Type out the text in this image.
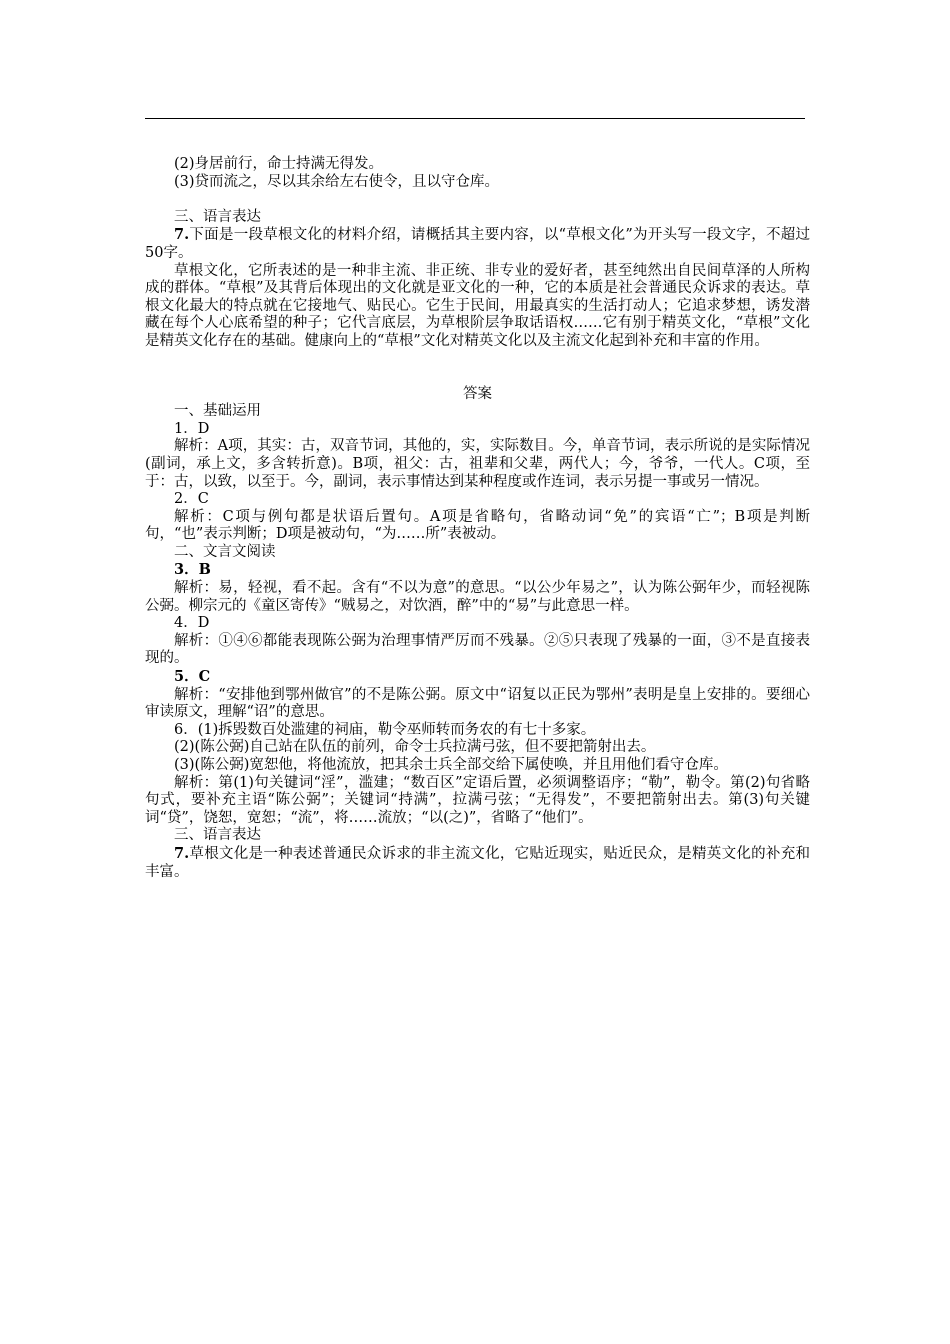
(2)身居前行，命士持满无得发。

(3)贷而流之，尽以其余给左右使令，且以守仓库。

三、语言表达

7.下面是一段草根文化的材料介绍，请概括其主要内容，以“草根文化”为开头写一段文字，不超过50字。

草根文化，它所表述的是一种非主流、非正统、非专业的爱好者，甚至纯然出自民间草泽的人所构成的群体。“草根”及其背后体现出的文化就是亚文化的一种，它的本质是社会普通民众诉求的表达。草根文化最大的特点就在它接地气、贴民心。它生于民间，用最真实的生活打动人；它追求梦想，诱发潜藏在每个人心底希望的种子；它代言底层，为草根阶层争取话语权……它有别于精英文化，“草根”文化是精英文化存在的基础。健康向上的“草根”文化对精英文化以及主流文化起到补充和丰富的作用。

答案

一、基础运用

1．D

解析：A项，其实：古，双音节词，其他的，实，实际数目。今，单音节词，表示所说的是实际情况(副词，承上文，多含转折意)。B项，祖父：古，祖辈和父辈，两代人；今，爷爷，一代人。C项，至于：古，以致，以至于。今，副词，表示事情达到某种程度或作连词，表示另提一事或另一情况。

2．C

解析：C项与例句都是状语后置句。A项是省略句，省略动词“免”的宾语“亡”；B项是判断句，“也”表示判断；D项是被动句，“为……所”表被动。

二、文言文阅读

3．B

解析：易，轻视，看不起。含有“不以为意”的意思。“以公少年易之”，认为陈公弼年少，而轻视陈公弼。柳宗元的《童区寄传》“贼易之，对饮酒，醉”中的“易”与此意思一样。

4．D

解析：①④⑥都能表现陈公弼为治理事情严厉而不残暴。②⑤只表现了残暴的一面，③不是直接表现的。

5．C

解析：“安排他到鄂州做官”的不是陈公弼。原文中“诏复以正民为鄂州”表明是皇上安排的。要细心审读原文，理解“诏”的意思。

6．(1)拆毁数百处滥建的祠庙，勒令巫师转而务农的有七十多家。

(2)(陈公弼)自己站在队伍的前列，命令士兵拉满弓弦，但不要把箭射出去。

(3)(陈公弼)宽恕他，将他流放，把其余士兵全部交给下属使唤，并且用他们看守仓库。

解析：第(1)句关键词“淫”，滥建；“数百区”定语后置，必须调整语序；“勒”，勒令。第(2)句省略句式，要补充主语“陈公弼”；关键词“持满”，拉满弓弦；“无得发”，不要把箭射出去。第(3)句关键词“贷”，饶恕，宽恕；“流”，将……流放；“以(之)”，省略了“他们”。

三、语言表达

7.草根文化是一种表述普通民众诉求的非主流文化，它贴近现实，贴近民众，是精英文化的补充和丰富。
